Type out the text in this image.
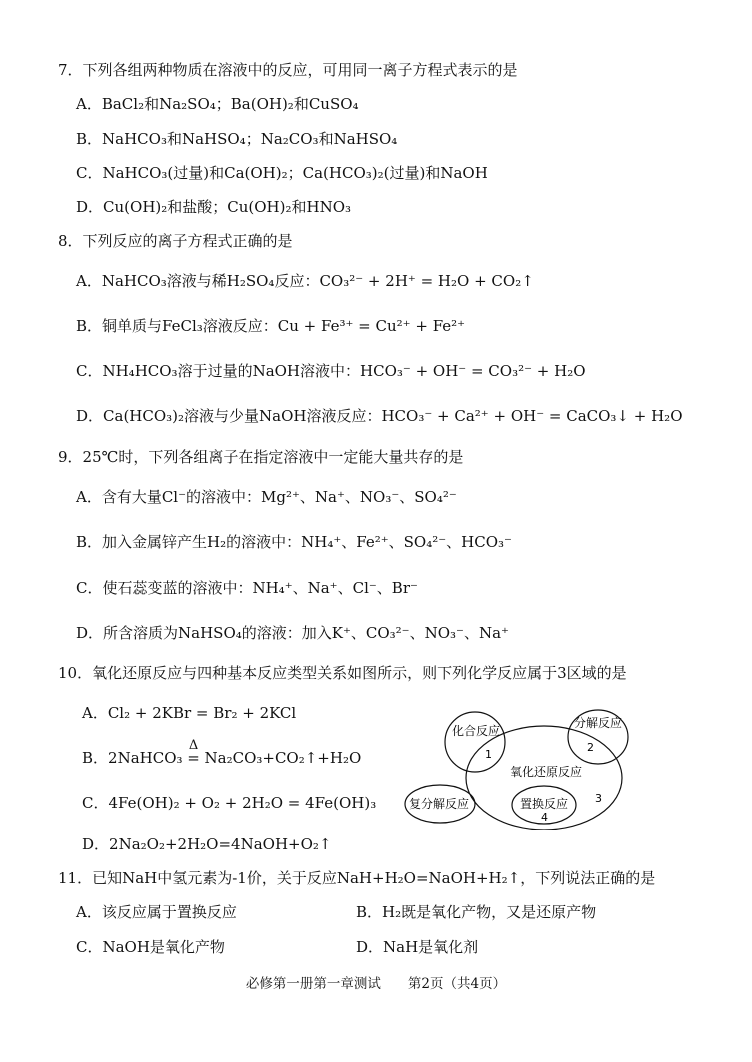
7．下列各组两种物质在溶液中的反应，可用同一离子方程式表示的是
A．BaCl₂和Na₂SO₄；Ba(OH)₂和CuSO₄
B．NaHCO₃和NaHSO₄；Na₂CO₃和NaHSO₄
C．NaHCO₃(过量)和Ca(OH)₂；Ca(HCO₃)₂(过量)和NaOH
D．Cu(OH)₂和盐酸；Cu(OH)₂和HNO₃
8．下列反应的离子方程式正确的是
A．NaHCO₃溶液与稀H₂SO₄反应：CO₃²⁻ + 2H⁺ = H₂O + CO₂↑
B．铜单质与FeCl₃溶液反应：Cu + Fe³⁺ = Cu²⁺ + Fe²⁺
C．NH₄HCO₃溶于过量的NaOH溶液中：HCO₃⁻ + OH⁻ = CO₃²⁻ + H₂O
D．Ca(HCO₃)₂溶液与少量NaOH溶液反应：HCO₃⁻ + Ca²⁺ + OH⁻ = CaCO₃↓ + H₂O
9．25℃时，下列各组离子在指定溶液中一定能大量共存的是
A．含有大量Cl⁻的溶液中：Mg²⁺、Na⁺、NO₃⁻、SO₄²⁻
B．加入金属锌产生H₂的溶液中：NH₄⁺、Fe²⁺、SO₄²⁻、HCO₃⁻
C．使石蕊变蓝的溶液中：NH₄⁺、Na⁺、Cl⁻、Br⁻
D．所含溶质为NaHSO₄的溶液：加入K⁺、CO₃²⁻、NO₃⁻、Na⁺
10．氧化还原反应与四种基本反应类型关系如图所示，则下列化学反应属于3区域的是
A．Cl₂ + 2KBr = Br₂ + 2KCl
B．2NaHCO₃
Δ
= Na₂CO₃+CO₂↑+H₂O
C．4Fe(OH)₂ + O₂ + 2H₂O = 4Fe(OH)₃
D．2Na₂O₂+2H₂O=4NaOH+O₂↑
化合反应
1
分解反应
2
氧化还原反应
3
复分解反应	置换反应
4
11．已知NaH中氢元素为-1价，关于反应NaH+H₂O=NaOH+H₂↑，下列说法正确的是
A．该反应属于置换反应	B．H₂既是氧化产物，又是还原产物
C．NaOH是氧化产物	D．NaH是氧化剂
必修第一册第一章测试　　第2页（共4页）
